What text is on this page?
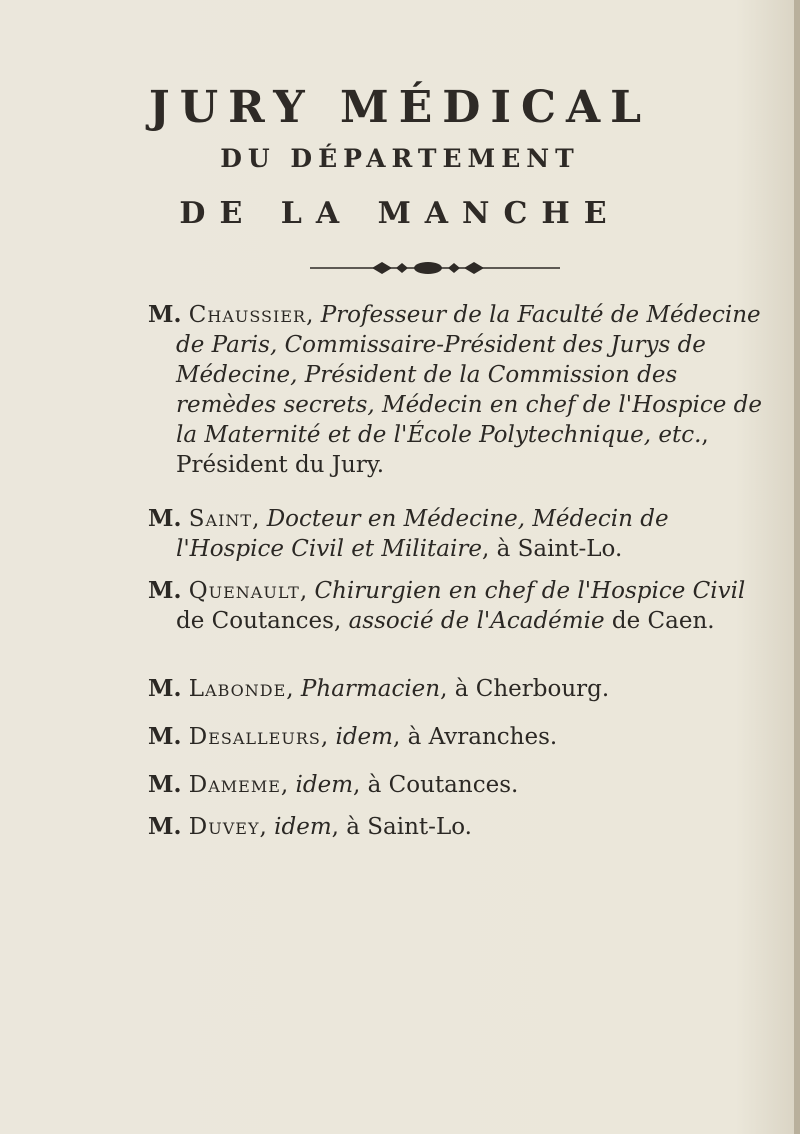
JURY MÉDICAL
DU DÉPARTEMENT
DE LA MANCHE

M. Chaussier, Professeur de la Faculté de Médecine de Paris, Commissaire-Président des Jurys de Médecine, Président de la Commission des remèdes secrets, Médecin en chef de l'Hospice de la Maternité et de l'École Polytechnique, etc., Président du Jury.

M. Saint, Docteur en Médecine, Médecin de l'Hospice Civil et Militaire, à Saint-Lo.

M. Quenault, Chirurgien en chef de l'Hospice Civil de Coutances, associé de l'Académie de Caen.

M. Labonde, Pharmacien, à Cherbourg.

M. Desalleurs, idem, à Avranches.

M. Dameme, idem, à Coutances.

M. Duvey, idem, à Saint-Lo.
